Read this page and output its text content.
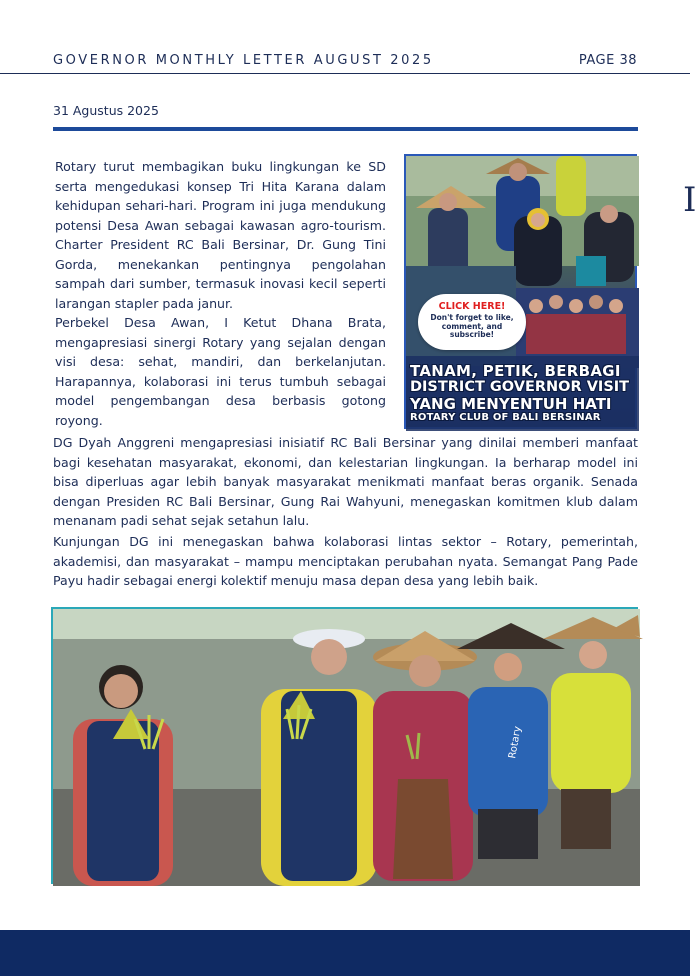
GOVERNOR MONTHLY LETTER AUGUST 2025	PAGE 38
31 Agustus 2025
I

Rotary turut membagikan buku lingkungan ke SD serta mengedukasi konsep Tri Hita Karana dalam kehidupan sehari-hari. Program ini juga mendukung potensi Desa Awan sebagai kawasan agro-tourism. Charter President RC Bali Bersinar, Dr. Gung Tini Gorda, menekankan pentingnya pengolahan sampah dari sumber, termasuk inovasi kecil seperti larangan stapler pada janur.

Perbekel Desa Awan, I Ketut Dhana Brata, mengapresiasi sinergi Rotary yang sejalan dengan visi desa: sehat, mandiri, dan berkelanjutan. Harapannya, kolaborasi ini terus tumbuh sebagai model pengembangan desa berbasis gotong royong.

CLICK HERE!
Don't forget to like, comment, and subscribe!
TANAM, PETIK, BERBAGI
DISTRICT GOVERNOR VISIT
YANG MENYENTUH HATI
ROTARY CLUB OF BALI BERSINAR

DG Dyah Anggreni mengapresiasi inisiatif RC Bali Bersinar yang dinilai memberi manfaat bagi kesehatan masyarakat, ekonomi, dan kelestarian lingkungan. Ia berharap model ini bisa diperluas agar lebih banyak masyarakat menikmati manfaat beras organik. Senada dengan Presiden RC Bali Bersinar, Gung Rai Wahyuni, menegaskan komitmen klub dalam menanam padi sehat sejak setahun lalu.

Kunjungan DG ini menegaskan bahwa kolaborasi lintas sektor – Rotary, pemerintah, akademisi, dan masyarakat – mampu menciptakan perubahan nyata. Semangat Pang Pade Payu hadir sebagai energi kolektif menuju masa depan desa yang lebih baik.

Rotary
